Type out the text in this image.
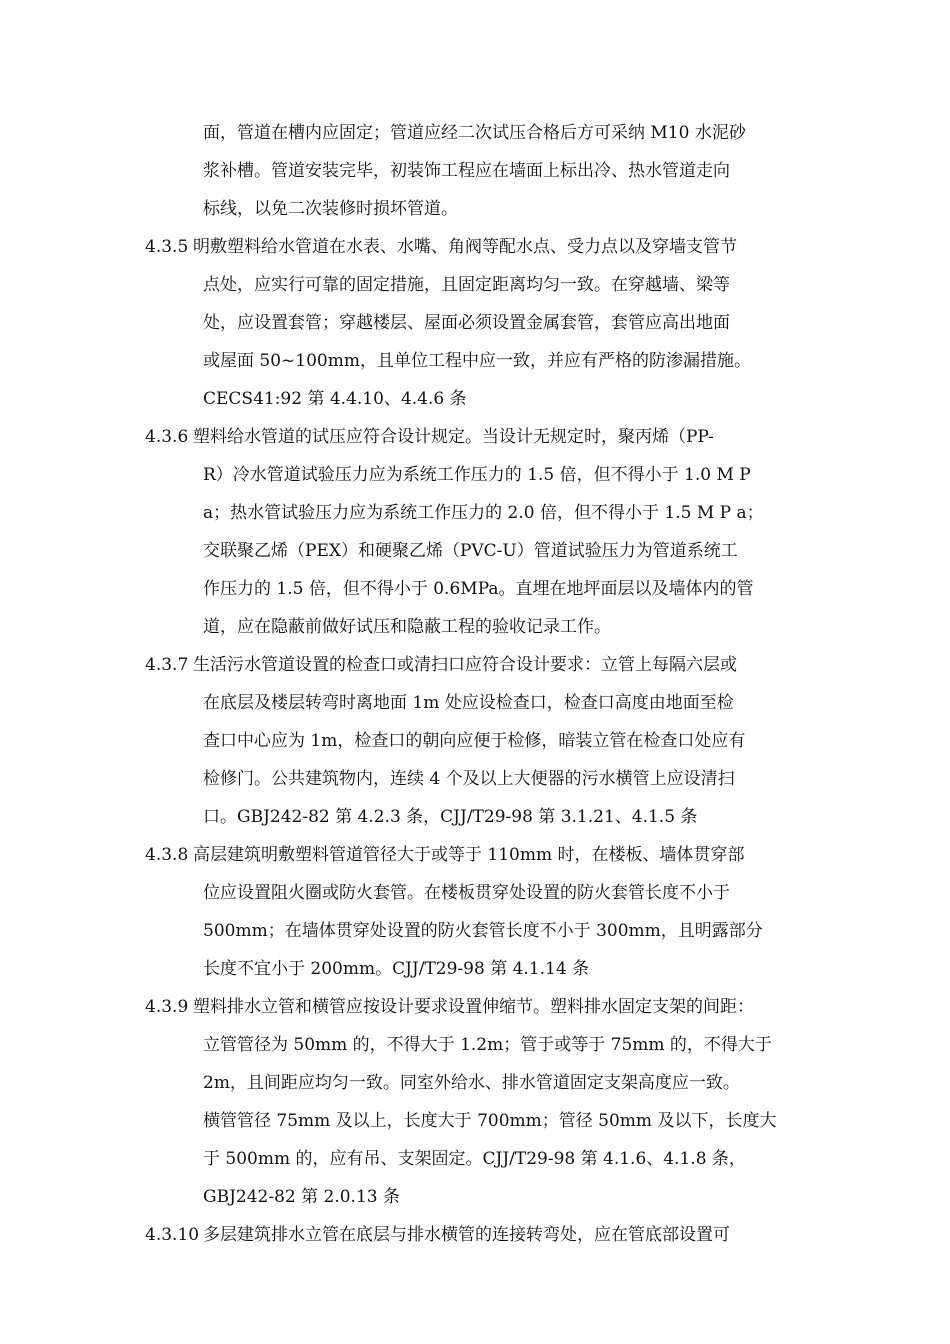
面，管道在槽内应固定；管道应经二次试压合格后方可采纳 M10 水泥砂
浆补槽。管道安装完毕，初装饰工程应在墙面上标出冷、热水管道走向
标线，以免二次装修时损坏管道。
4.3.5 明敷塑料给水管道在水表、水嘴、角阀等配水点、受力点以及穿墙支管节
点处，应实行可靠的固定措施，且固定距离均匀一致。在穿越墙、梁等
处，应设置套管；穿越楼层、屋面必须设置金属套管，套管应高出地面
或屋面 50~100mm，且单位工程中应一致，并应有严格的防渗漏措施。
CECS41:92 第 4.4.10、4.4.6 条
4.3.6 塑料给水管道的试压应符合设计规定。当设计无规定时，聚丙烯（PP-
R）冷水管道试验压力应为系统工作压力的 1.5 倍，但不得小于 1.0 M P
a；热水管试验压力应为系统工作压力的 2.0 倍，但不得小于 1.5 M P a；
交联聚乙烯（PEX）和硬聚乙烯（PVC-U）管道试验压力为管道系统工
作压力的 1.5 倍，但不得小于 0.6MPa。直埋在地坪面层以及墙体内的管
道，应在隐蔽前做好试压和隐蔽工程的验收记录工作。
4.3.7 生活污水管道设置的检查口或清扫口应符合设计要求：立管上每隔六层或
在底层及楼层转弯时离地面 1m 处应设检查口，检查口高度由地面至检
查口中心应为 1m，检查口的朝向应便于检修，暗装立管在检查口处应有
检修门。公共建筑物内，连续 4 个及以上大便器的污水横管上应设清扫
口。GBJ242-82 第 4.2.3 条，CJJ/T29-98 第 3.1.21、4.1.5 条
4.3.8 高层建筑明敷塑料管道管径大于或等于 110mm 时，在楼板、墙体贯穿部
位应设置阻火圈或防火套管。在楼板贯穿处设置的防火套管长度不小于
500mm；在墙体贯穿处设置的防火套管长度不小于 300mm，且明露部分
长度不宜小于 200mm。CJJ/T29-98 第 4.1.14 条
4.3.9 塑料排水立管和横管应按设计要求设置伸缩节。塑料排水固定支架的间距：
立管管径为 50mm 的，不得大于 1.2m；管于或等于 75mm 的，不得大于
2m，且间距应均匀一致。同室外给水、排水管道固定支架高度应一致。
横管管径 75mm 及以上，长度大于 700mm；管径 50mm 及以下，长度大
于 500mm 的，应有吊、支架固定。CJJ/T29-98 第 4.1.6、4.1.8 条，
GBJ242-82 第 2.0.13 条
4.3.10 多层建筑排水立管在底层与排水横管的连接转弯处，应在管底部设置可
